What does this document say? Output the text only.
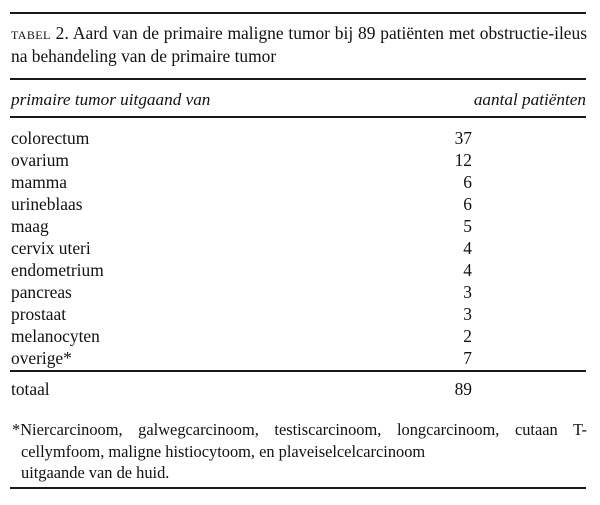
tabel 2. Aard van de primaire maligne tumor bij 89 patiënten met obstructie-ileus na behandeling van de primaire tumor
primaire tumor uitgaand van	aantal patiënten
colorectum	37
ovarium	12
mamma	6
urineblaas	6
maag	5
cervix uteri	4
endometrium	4
pancreas	3
prostaat	3
melanocyten	2
overige*	7
totaal	89
*Niercarcinoom, galwegcarcinoom, testiscarcinoom, longcarcinoom, cutaan T-cellymfoom, maligne histiocytoom, en plaveiselcelcarcinoom
uitgaande van de huid.
